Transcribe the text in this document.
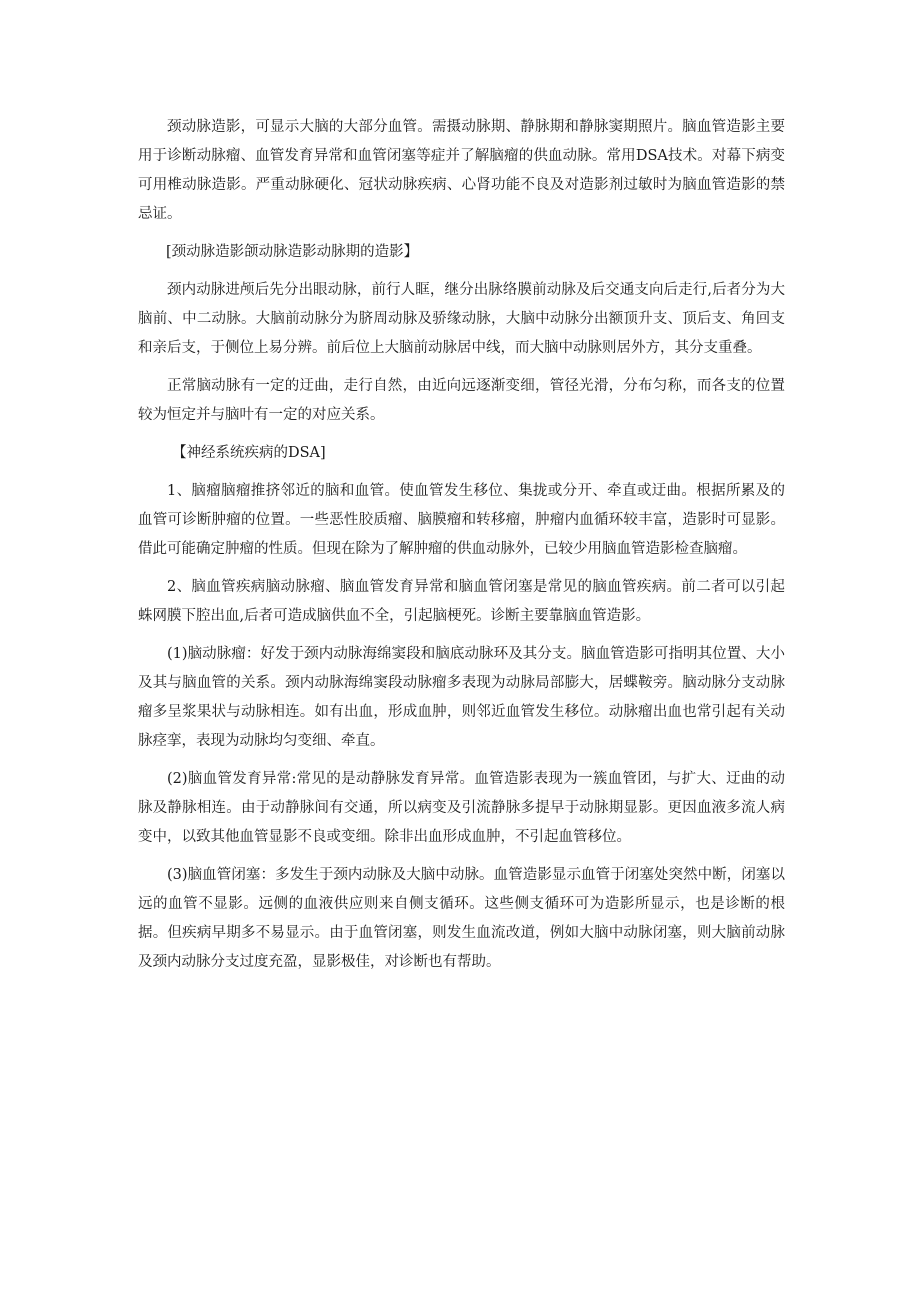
颈动脉造影，可显示大脑的大部分血管。需摄动脉期、静脉期和静脉窦期照片。脑血管造影主要用于诊断动脉瘤、血管发育异常和血管闭塞等症并了解脑瘤的供血动脉。常用DSA技术。对幕下病变可用椎动脉造影。严重动脉硬化、冠状动脉疾病、心肾功能不良及对造影剂过敏时为脑血管造影的禁忌证。

[颈动脉造影颌动脉造影动脉期的造影】

颈内动脉进颅后先分出眼动脉，前行人眶，继分出脉络膜前动脉及后交通支向后走行,后者分为大脑前、中二动脉。大脑前动脉分为脐周动脉及骄缘动脉，大脑中动脉分出额顶升支、顶后支、角回支和亲后支，于侧位上易分辨。前后位上大脑前动脉居中线，而大脑中动脉则居外方，其分支重叠。

正常脑动脉有一定的迂曲，走行自然，由近向远逐渐变细，管径光滑，分布匀称，而各支的位置较为恒定并与脑叶有一定的对应关系。

【神经系统疾病的DSA]

1、脑瘤脑瘤推挤邻近的脑和血管。使血管发生移位、集拢或分开、牵直或迂曲。根据所累及的血管可诊断肿瘤的位置。一些恶性胶质瘤、脑膜瘤和转移瘤，肿瘤内血循环较丰富，造影时可显影。借此可能确定肿瘤的性质。但现在除为了解肿瘤的供血动脉外，已较少用脑血管造影检查脑瘤。

2、脑血管疾病脑动脉瘤、脑血管发育异常和脑血管闭塞是常见的脑血管疾病。前二者可以引起蛛网膜下腔出血,后者可造成脑供血不全，引起脑梗死。诊断主要靠脑血管造影。

(1)脑动脉瘤：好发于颈内动脉海绵窦段和脑底动脉环及其分支。脑血管造影可指明其位置、大小及其与脑血管的关系。颈内动脉海绵窦段动脉瘤多表现为动脉局部膨大，居蝶鞍旁。脑动脉分支动脉瘤多呈浆果状与动脉相连。如有出血，形成血肿，则邻近血管发生移位。动脉瘤出血也常引起有关动脉痉挛，表现为动脉均匀变细、牵直。

(2)脑血管发育异常:常见的是动静脉发育异常。血管造影表现为一簇血管团，与扩大、迂曲的动脉及静脉相连。由于动静脉间有交通，所以病变及引流静脉多提早于动脉期显影。更因血液多流人病变中，以致其他血管显影不良或变细。除非出血形成血肿，不引起血管移位。

(3)脑血管闭塞：多发生于颈内动脉及大脑中动脉。血管造影显示血管于闭塞处突然中断，闭塞以远的血管不显影。远侧的血液供应则来自侧支循环。这些侧支循环可为造影所显示，也是诊断的根据。但疾病早期多不易显示。由于血管闭塞，则发生血流改道，例如大脑中动脉闭塞，则大脑前动脉及颈内动脉分支过度充盈，显影极佳，对诊断也有帮助。
